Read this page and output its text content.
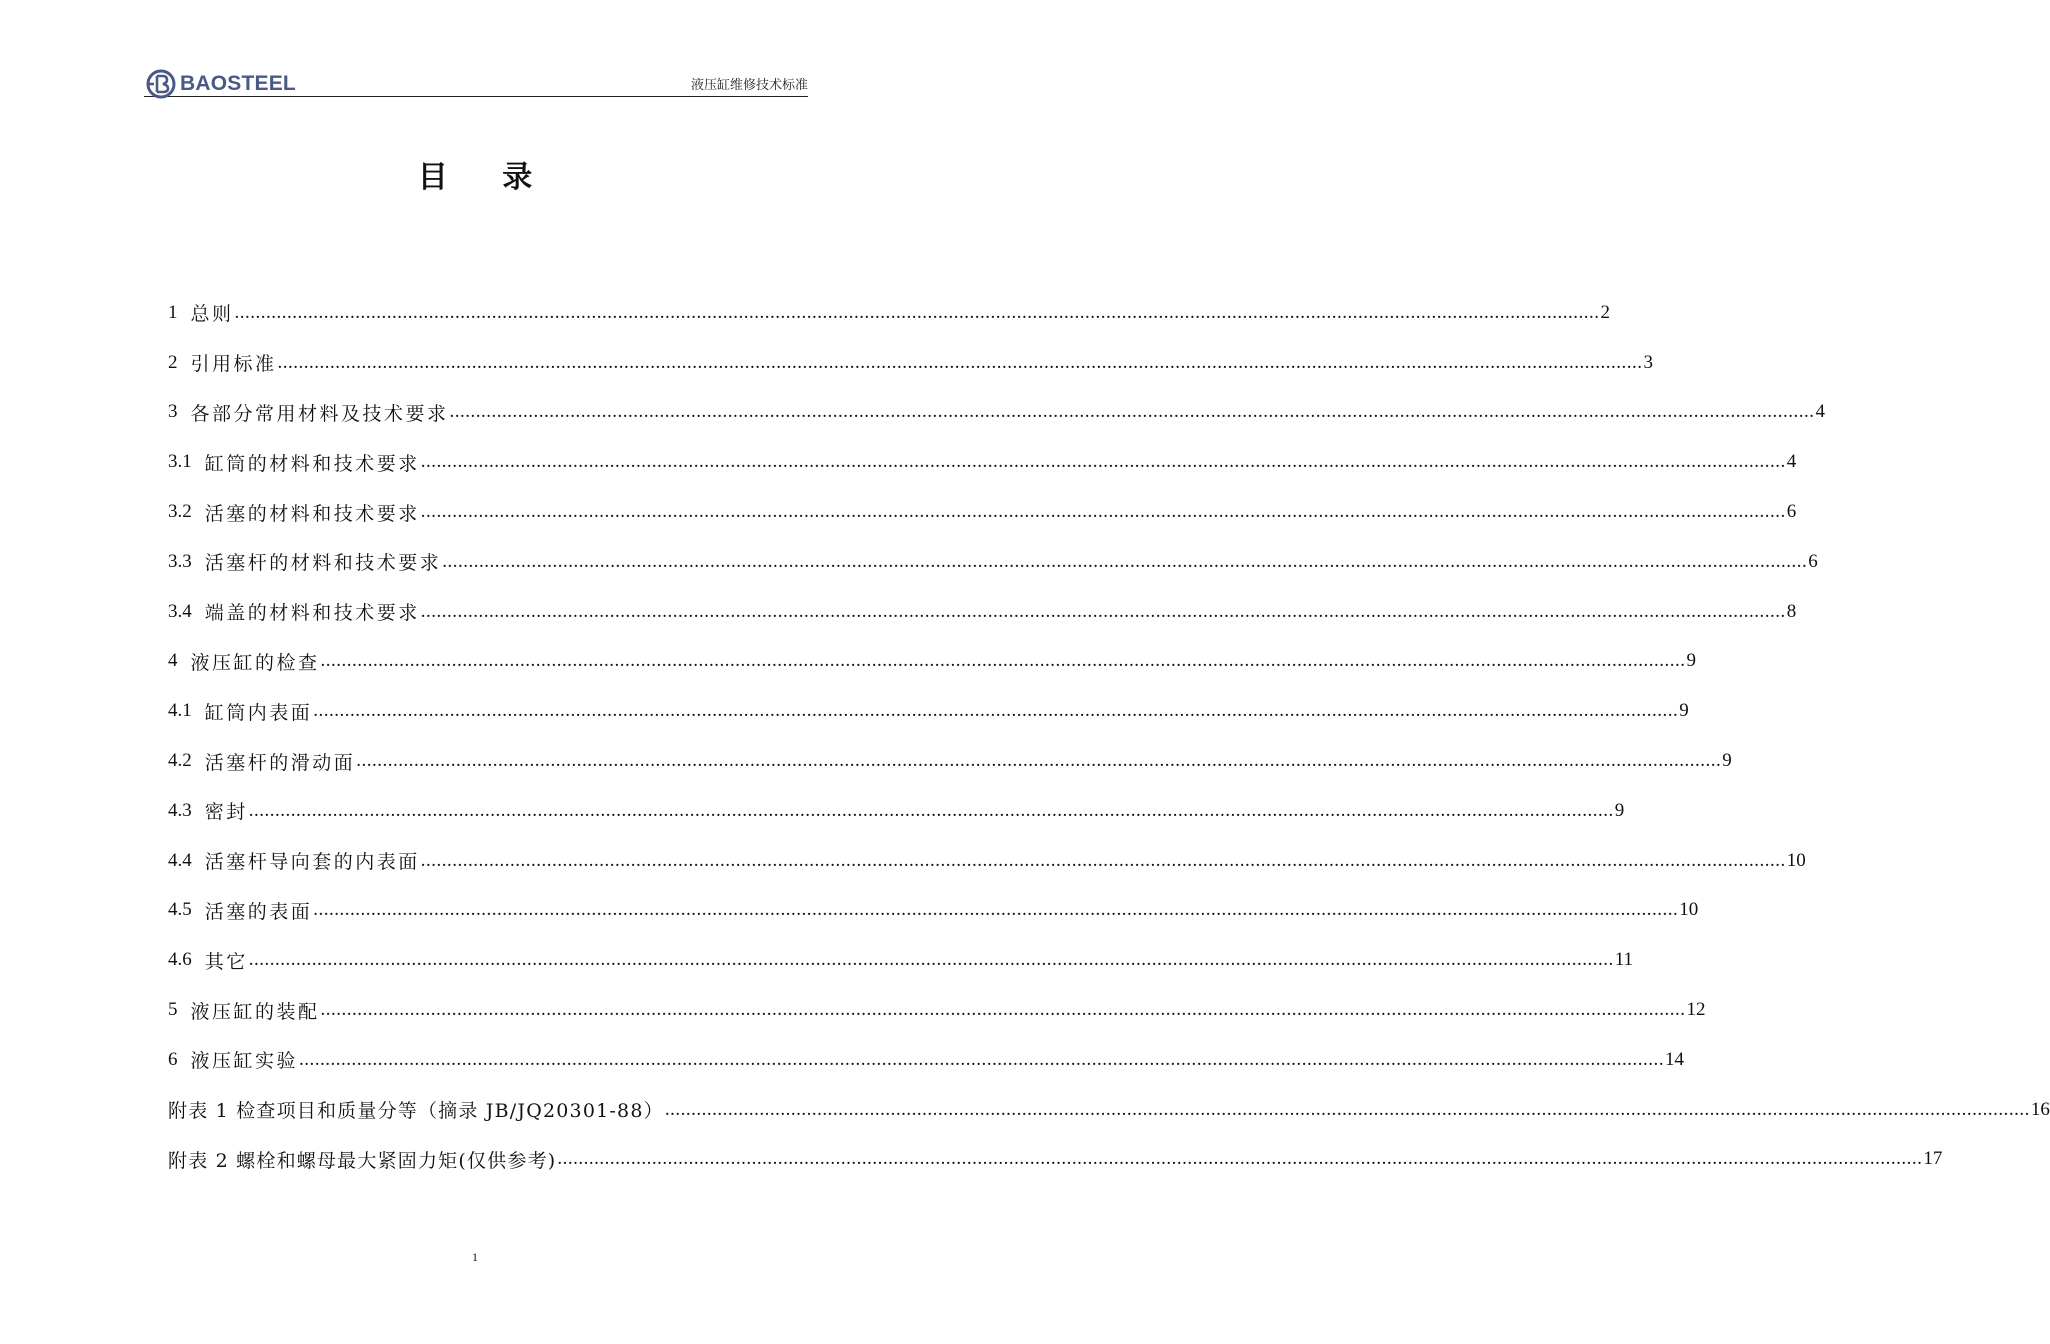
BAOSTEEL	液压缸维修技术标准
目 录
1 总则 .................................................................................................................................................................................................................................................................... 2
2 引用标准 .................................................................................................................................................................................................................................................................... 3
3 各部分常用材料及技术要求 .................................................................................................................................................................................................................................................................... 4
3.1 缸筒的材料和技术要求 .................................................................................................................................................................................................................................................................... 4
3.2 活塞的材料和技术要求 .................................................................................................................................................................................................................................................................... 6
3.3 活塞杆的材料和技术要求 .................................................................................................................................................................................................................................................................... 6
3.4 端盖的材料和技术要求 .................................................................................................................................................................................................................................................................... 8
4 液压缸的检查 .................................................................................................................................................................................................................................................................... 9
4.1 缸筒内表面 .................................................................................................................................................................................................................................................................... 9
4.2 活塞杆的滑动面 .................................................................................................................................................................................................................................................................... 9
4.3 密封 .................................................................................................................................................................................................................................................................... 9
4.4 活塞杆导向套的内表面 .................................................................................................................................................................................................................................................................... 10
4.5 活塞的表面 .................................................................................................................................................................................................................................................................... 10
4.6 其它 .................................................................................................................................................................................................................................................................... 11
5 液压缸的装配 .................................................................................................................................................................................................................................................................... 12
6 液压缸实验 .................................................................................................................................................................................................................................................................... 14
附表 1 检查项目和质量分等（摘录 JB/JQ20301-88） .................................................................................................................................................................................................................................................................... 16
附表 2 螺栓和螺母最大紧固力矩(仅供参考) .................................................................................................................................................................................................................................................................... 17
1
